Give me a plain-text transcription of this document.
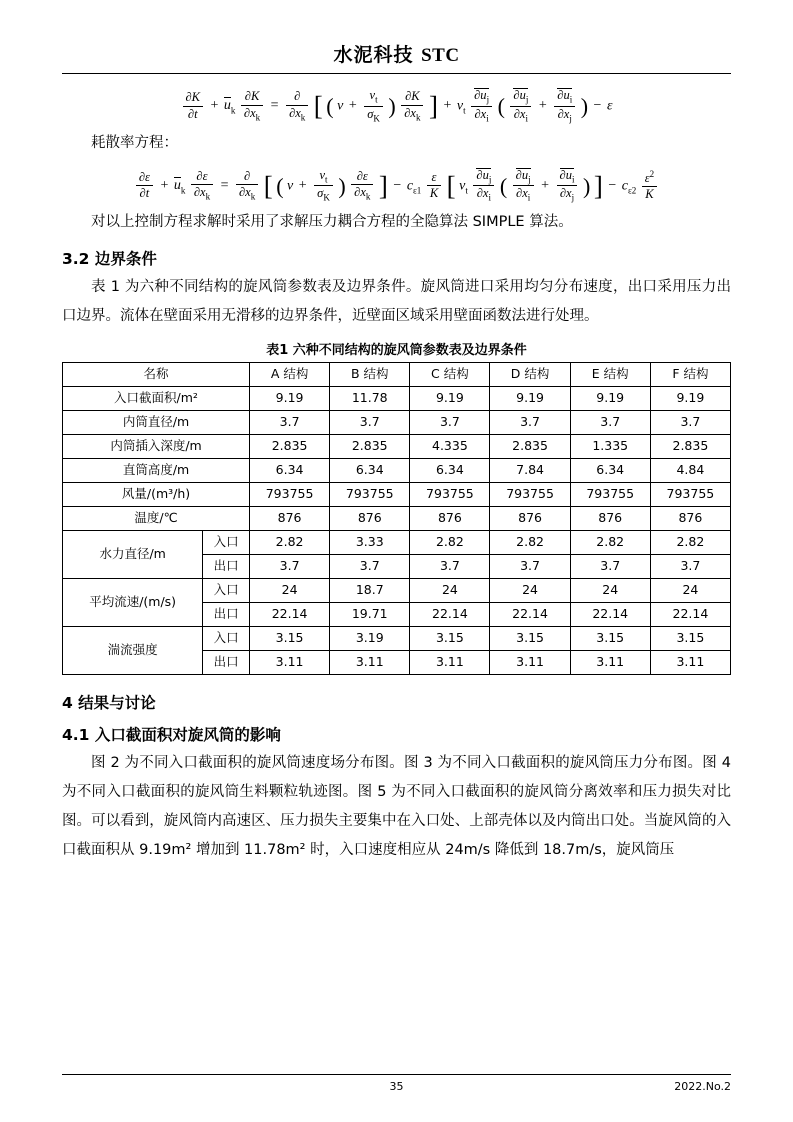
水泥科技 STC
$\frac{\partial K}{\partial t} + u_k \frac{\partial K}{\partial x_k} = \frac{\partial}{\partial x_k}$ [ ( $\nu + \frac{\nu_t}{\sigma_K}$ ) $\frac{\partial K}{\partial x_k}$ ] + $\nu_t \frac{\partial u_j}{\partial x_i}$ ( $\frac{\partial u_j}{\partial x_i} + \frac{\partial u_i}{\partial x_j}$ ) − ε

耗散率方程：

$\frac{\partial\varepsilon}{\partial t} + u_k \frac{\partial\varepsilon}{\partial x_k} = \frac{\partial}{\partial x_k}$ [ ( $\nu + \frac{\nu_t}{\sigma_K}$ ) $\frac{\partial\varepsilon}{\partial x_k}$ ] − $c_{\varepsilon 1} \frac{\varepsilon}{K}$ [ $\nu_t \frac{\partial u_j}{\partial x_i}$ ( $\frac{\partial u_j}{\partial x_i} + \frac{\partial u_i}{\partial x_j}$ ) ] − $c_{\varepsilon 2} \frac{\varepsilon^2}{K}$

对以上控制方程求解时采用了求解压力耦合方程的全隐算法 SIMPLE 算法。

3.2 边界条件

表 1 为六种不同结构的旋风筒参数表及边界条件。旋风筒进口采用均匀分布速度，出口采用压力出口边界。流体在壁面采用无滑移的边界条件，近壁面区域采用壁面函数法进行处理。

表1 六种不同结构的旋风筒参数表及边界条件
名称		A 结构	B 结构	C 结构	D 结构	E 结构	F 结构
入口截面积/m²		9.19	11.78	9.19	9.19	9.19	9.19
内筒直径/m		3.7	3.7	3.7	3.7	3.7	3.7
内筒插入深度/m		2.835	2.835	4.335	2.835	1.335	2.835
直筒高度/m		6.34	6.34	6.34	7.84	6.34	4.84
风量/(m³/h)		793755	793755	793755	793755	793755	793755
温度/℃		876	876	876	876	876	876
水力直径/m	入口	2.82	3.33	2.82	2.82	2.82	2.82
	出口	3.7	3.7	3.7	3.7	3.7	3.7
平均流速/(m/s)	入口	24	18.7	24	24	24	24
	出口	22.14	19.71	22.14	22.14	22.14	22.14
湍流强度	入口	3.15	3.19	3.15	3.15	3.15	3.15
	出口	3.11	3.11	3.11	3.11	3.11	3.11
4 结果与讨论
4.1 入口截面积对旋风筒的影响

图 2 为不同入口截面积的旋风筒速度场分布图。图 3 为不同入口截面积的旋风筒压力分布图。图 4 为不同入口截面积的旋风筒生料颗粒轨迹图。图 5 为不同入口截面积的旋风筒分离效率和压力损失对比图。可以看到，旋风筒内高速区、压力损失主要集中在入口处、上部壳体以及内筒出口处。当旋风筒的入口截面积从 9.19m² 增加到 11.78m² 时，入口速度相应从 24m/s 降低到 18.7m/s，旋风筒压

35	2022.No.2
